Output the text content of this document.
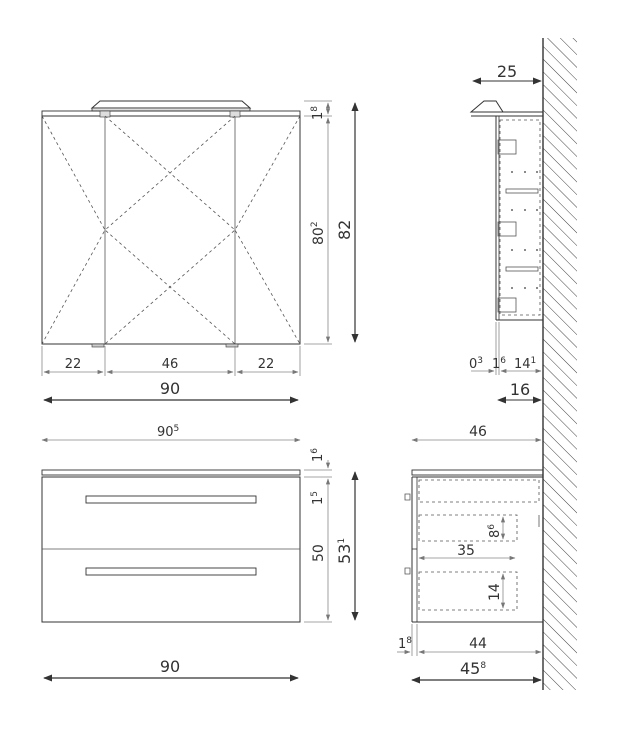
22	46	22
90
$1^8$
$80^2$ 82
25
$0^3$ $1^6$ $14^1$
16
$90^5$
$1^6$
$1^5$
50 $53^1$
90
46
35
$8^6$
14
$1^8$	44
$45^8$
